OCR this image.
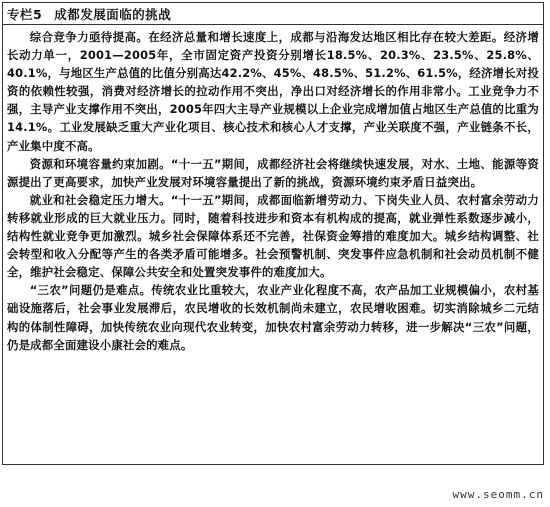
专栏5 成都发展面临的挑战

综合竞争力亟待提高。在经济总量和增长速度上，成都与沿海发达地区相比存在较大差距。经济增长动力单一，2001—2005年，全市固定资产投资分别增长18.5%、20.3%、23.5%、25.8%、40.1%，与地区生产总值的比值分别高达42.2%、45%、48.5%、51.2%、61.5%，经济增长对投资的依赖性较强，消费对经济增长的拉动作用不突出，净出口对经济增长的作用非常小。工业竞争力不强，主导产业支撑作用不突出，2005年四大主导产业规模以上企业完成增加值占地区生产总值的比重为14.1%。工业发展缺乏重大产业化项目、核心技术和核心人才支撑，产业关联度不强，产业链条不长，产业集中度不高。

资源和环境容量约束加剧。“十一五”期间，成都经济社会将继续快速发展，对水、土地、能源等资源提出了更高要求，加快产业发展对环境容量提出了新的挑战，资源环境约束矛盾日益突出。

就业和社会稳定压力增大。“十一五”期间，成都面临新增劳动力、下岗失业人员、农村富余劳动力转移就业形成的巨大就业压力。同时，随着科技进步和资本有机构成的提高，就业弹性系数逐步减小，结构性就业竞争更加激烈。城乡社会保障体系还不完善，社保资金筹措的难度加大。城乡结构调整、社会转型和收入分配等产生的各类矛盾可能增多。社会预警机制、突发事件应急机制和社会动员机制不健全，维护社会稳定、保障公共安全和处置突发事件的难度加大。

“三农”问题仍是难点。传统农业比重较大，农业产业化程度不高，农产品加工业规模偏小，农村基础设施落后，社会事业发展滞后，农民增收的长效机制尚未建立，农民增收困难。切实消除城乡二元结构的体制性障碍，加快传统农业向现代农业转变，加快农村富余劳动力转移，进一步解决“三农”问题，仍是成都全面建设小康社会的难点。

www.seomm.cn
